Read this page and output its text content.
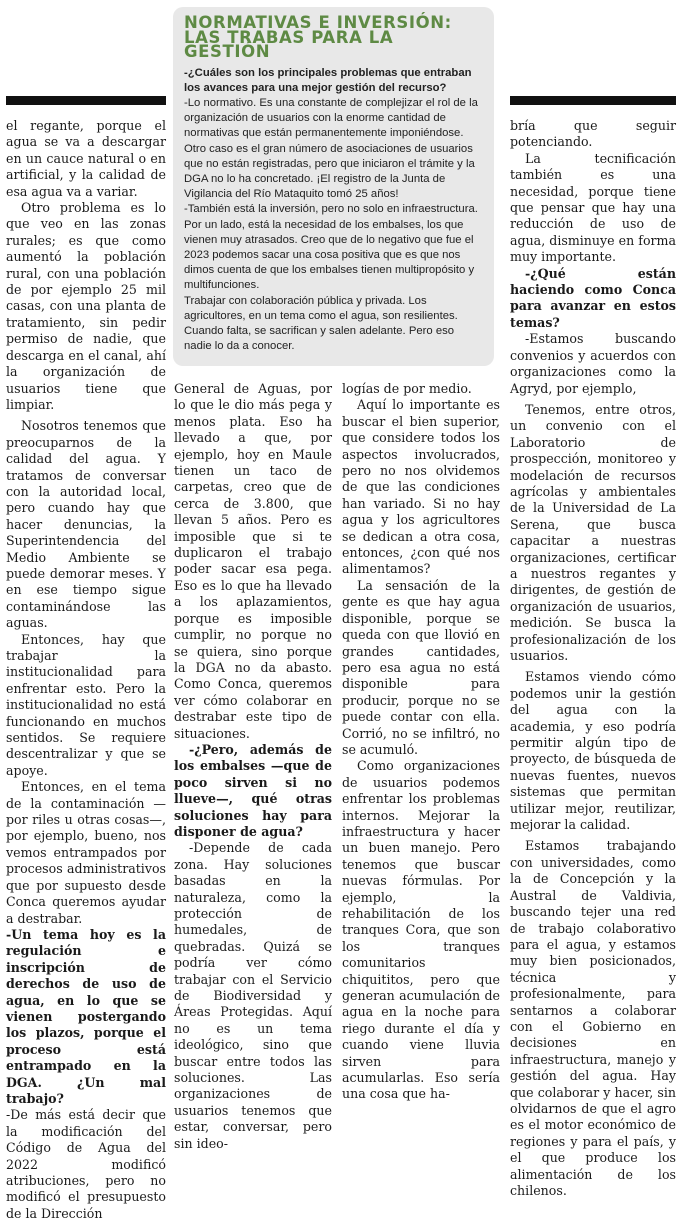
NORMATIVAS E INVERSIÓN: LAS TRABAS PARA LA GESTIÓN

-¿Cuáles son los principales problemas que entraban los avances para una mejor gestión del recurso?

-Lo normativo. Es una constante de complejizar el rol de la organización de usuarios con la enorme cantidad de normativas que están permanentemente imponiéndose. Otro caso es el gran número de asociaciones de usuarios que no están registradas, pero que iniciaron el trámite y la DGA no lo ha concretado. ¡El registro de la Junta de Vigilancia del Río Mataquito tomó 25 años!

-También está la inversión, pero no solo en infraestructura. Por un lado, está la necesidad de los embalses, los que vienen muy atrasados. Creo que de lo negativo que fue el 2023 podemos sacar una cosa positiva que es que nos dimos cuenta de que los embalses tienen multipropósito y multifunciones.

Trabajar con colaboración pública y privada. Los agricultores, en un tema como el agua, son resilientes. Cuando falta, se sacrifican y salen adelante. Pero eso nadie lo da a conocer.

el regante, porque el agua se va a descargar en un cauce natural o en artificial, y la calidad de esa agua va a variar.

Otro problema es lo que veo en las zonas rurales; es que como aumentó la población rural, con una población de por ejemplo 25 mil casas, con una planta de tratamiento, sin pedir permiso de nadie, que descarga en el canal, ahí la organización de usuarios tiene que limpiar.

Nosotros tenemos que preocuparnos de la calidad del agua. Y tratamos de conversar con la autoridad local, pero cuando hay que hacer denuncias, la Superintendencia del Medio Ambiente se puede demorar meses. Y en ese tiempo sigue contaminándose las aguas.

Entonces, hay que trabajar la institucionalidad para enfrentar esto. Pero la institucionalidad no está funcionando en muchos sentidos. Se requiere descentralizar y que se apoye.

Entonces, en el tema de la contaminación —por riles u otras cosas—, por ejemplo, bueno, nos vemos entrampados por procesos administrativos que por supuesto desde Conca queremos ayudar a destrabar.

-Un tema hoy es la regulación e inscripción de derechos de uso de agua, en lo que se vienen postergando los plazos, porque el proceso está entrampado en la DGA. ¿Un mal trabajo?

-De más está decir que la modificación del Código de Agua del 2022 modificó atribuciones, pero no modificó el presupuesto de la Dirección

General de Aguas, por lo que le dio más pega y menos plata. Eso ha llevado a que, por ejemplo, hoy en Maule tienen un taco de carpetas, creo que de cerca de 3.800, que llevan 5 años. Pero es imposible que si te duplicaron el trabajo poder sacar esa pega. Eso es lo que ha llevado a los aplazamientos, porque es imposible cumplir, no porque no se quiera, sino porque la DGA no da abasto. Como Conca, queremos ver cómo colaborar en destrabar este tipo de situaciones.

-¿Pero, además de los embalses —que de poco sirven si no llueve—, qué otras soluciones hay para disponer de agua?

-Depende de cada zona. Hay soluciones basadas en la naturaleza, como la protección de humedales, de quebradas. Quizá se podría ver cómo trabajar con el Servicio de Biodiversidad y Áreas Protegidas. Aquí no es un tema ideológico, sino que buscar entre todos las soluciones. Las organizaciones de usuarios tenemos que estar, conversar, pero sin ideo-

logías de por medio.

Aquí lo importante es buscar el bien superior, que considere todos los aspectos involucrados, pero no nos olvidemos de que las condiciones han variado. Si no hay agua y los agricultores se dedican a otra cosa, entonces, ¿con qué nos alimentamos?

La sensación de la gente es que hay agua disponible, porque se queda con que llovió en grandes cantidades, pero esa agua no está disponible para producir, porque no se puede contar con ella. Corrió, no se infiltró, no se acumuló.

Como organizaciones de usuarios podemos enfrentar los problemas internos. Mejorar la infraestructura y hacer un buen manejo. Pero tenemos que buscar nuevas fórmulas. Por ejemplo, la rehabilitación de los tranques Cora, que son los tranques comunitarios chiquititos, pero que generan acumulación de agua en la noche para riego durante el día y cuando viene lluvia sirven para acumularlas. Eso sería una cosa que ha-

bría que seguir potenciando.

La tecnificación también es una necesidad, porque tiene que pensar que hay una reducción de uso de agua, disminuye en forma muy importante.

-¿Qué están haciendo como Conca para avanzar en estos temas?

-Estamos buscando convenios y acuerdos con organizaciones como la Agryd, por ejemplo,

Tenemos, entre otros, un convenio con el Laboratorio de prospección, monitoreo y modelación de recursos agrícolas y ambientales de la Universidad de La Serena, que busca capacitar a nuestras organizaciones, certificar a nuestros regantes y dirigentes, de gestión de organización de usuarios, medición. Se busca la profesionalización de los usuarios.

Estamos viendo cómo podemos unir la gestión del agua con la academia, y eso podría permitir algún tipo de proyecto, de búsqueda de nuevas fuentes, nuevos sistemas que permitan utilizar mejor, reutilizar, mejorar la calidad.

Estamos trabajando con universidades, como la de Concepción y la Austral de Valdivia, buscando tejer una red de trabajo colaborativo para el agua, y estamos muy bien posicionados, técnica y profesionalmente, para sentarnos a colaborar con el Gobierno en decisiones en infraestructura, manejo y gestión del agua. Hay que colaborar y hacer, sin olvidarnos de que el agro es el motor económico de regiones y para el país, y el que produce los alimentación de los chilenos.
